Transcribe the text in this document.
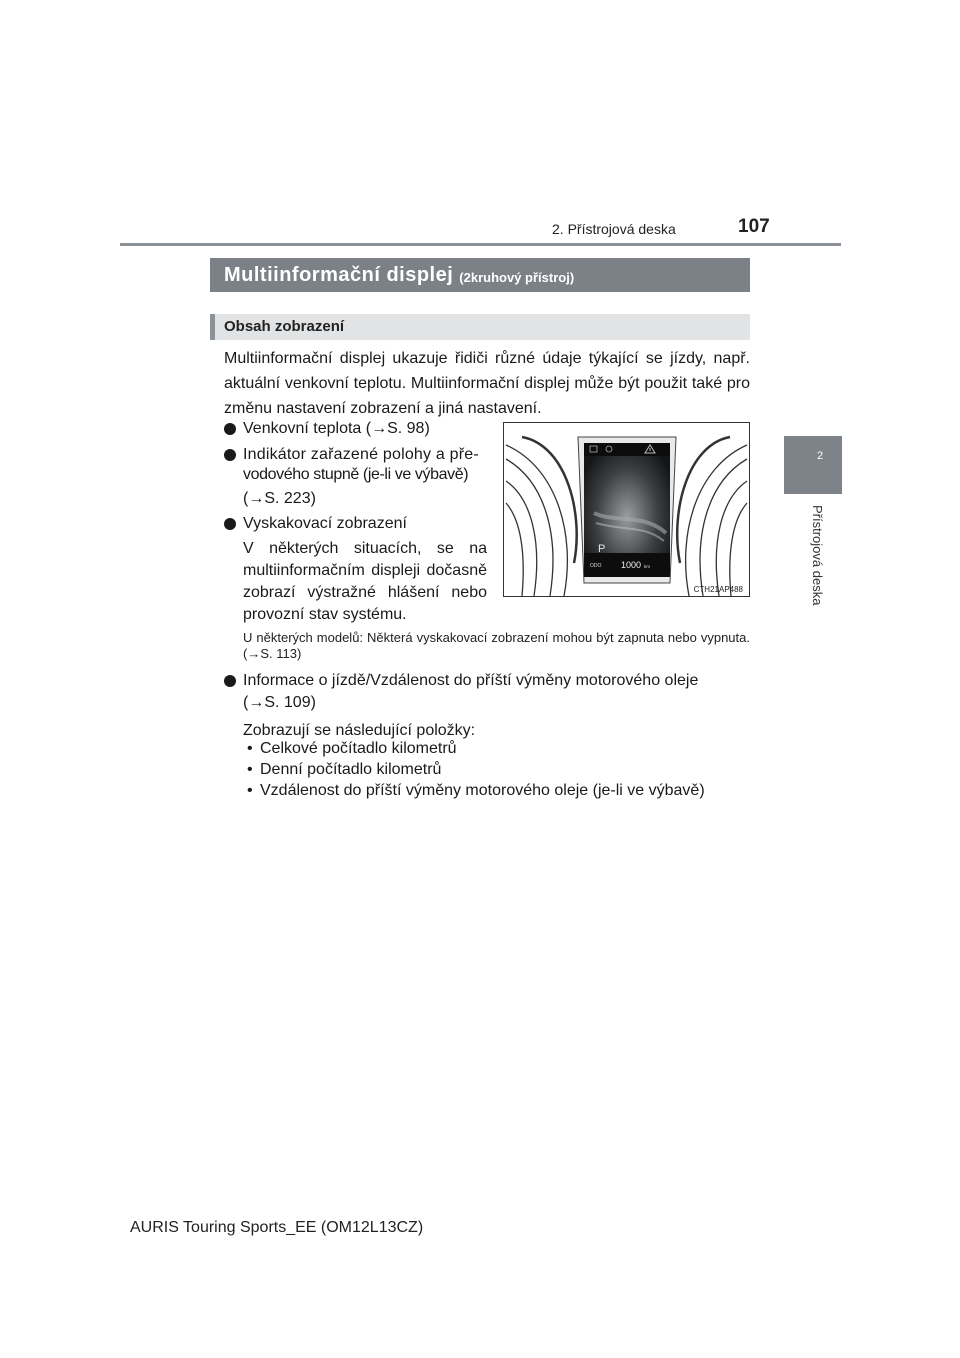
2. Přístrojová deska	107
2
Přístrojová deska
Multiinformační displej (2kruhový přístroj)
Obsah zobrazení
Multiinformační displej ukazuje řidiči různé údaje týkající se jízdy, např. aktuální venkovní teplotu. Multiinformační displej může být použit také pro změnu nastavení zobrazení a jiná nastavení.
Venkovní teplota (→S. 98)
Indikátor zařazené polohy a pře-
vodového stupně (je-li ve výbavě)
(→S. 223)
Vyskakovací zobrazení
V některých situacích, se na multiinformačním displeji dočasně zobrazí výstražné hlášení nebo provozní stav systému.
U některých modelů: Některá vyskakovací zobrazení mohou být zapnuta nebo vypnuta. (→S. 113)
Informace o jízdě/Vzdálenost do příští výměny motorového oleje
(→S. 109)
Zobrazují se následující položky:
• Celkové počítadlo kilometrů
• Denní počítadlo kilometrů
• Vzdálenost do příští výměny motorového oleje (je-li ve výbavě)
P
ODO 1000 km
CTH21AP488
AURIS Touring Sports_EE (OM12L13CZ)
